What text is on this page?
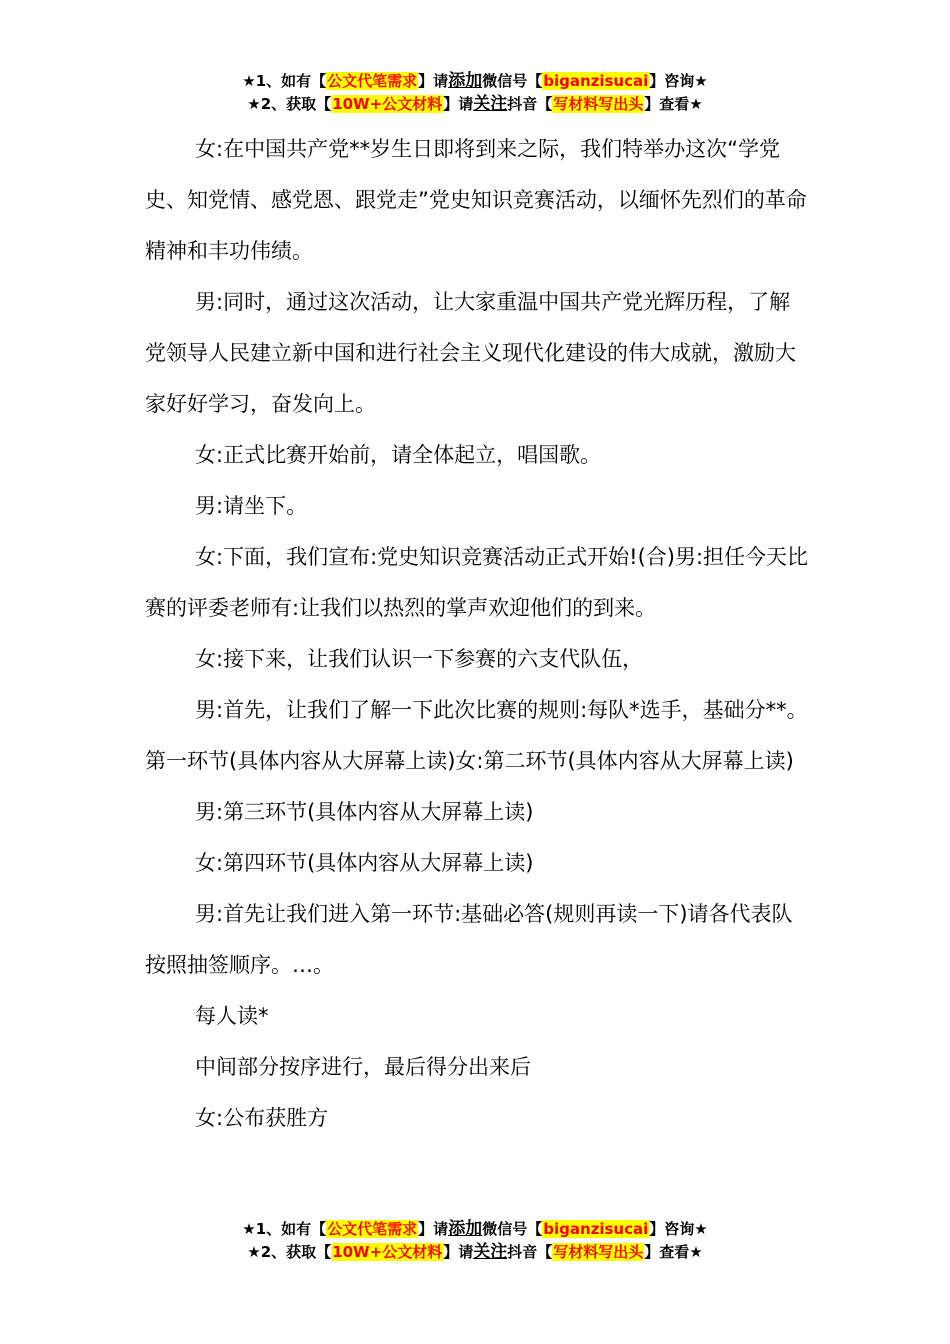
★1、如有【公文代笔需求】请添加微信号【biganzisucai】咨询★
★2、获取【10W+公文材料】请关注抖音【写材料写出头】查看★

女:在中国共产党**岁生日即将到来之际，我们特举办这次“学党史、知党情、感党恩、跟党走”党史知识竞赛活动，以缅怀先烈们的革命精神和丰功伟绩。

男:同时，通过这次活动，让大家重温中国共产党光辉历程，了解党领导人民建立新中国和进行社会主义现代化建设的伟大成就，激励大家好好学习，奋发向上。

女:正式比赛开始前，请全体起立，唱国歌。

男:请坐下。

女:下面，我们宣布:党史知识竞赛活动正式开始!(合)男:担任今天比赛的评委老师有:让我们以热烈的掌声欢迎他们的到来。

女:接下来，让我们认识一下参赛的六支代队伍，

男:首先，让我们了解一下此次比赛的规则:每队*选手，基础分**。第一环节(具体内容从大屏幕上读)女:第二环节(具体内容从大屏幕上读)

男:第三环节(具体内容从大屏幕上读)

女:第四环节(具体内容从大屏幕上读)

男:首先让我们进入第一环节:基础必答(规则再读一下)请各代表队按照抽签顺序。…。

每人读*

中间部分按序进行，最后得分出来后

女:公布获胜方

★1、如有【公文代笔需求】请添加微信号【biganzisucai】咨询★
★2、获取【10W+公文材料】请关注抖音【写材料写出头】查看★
